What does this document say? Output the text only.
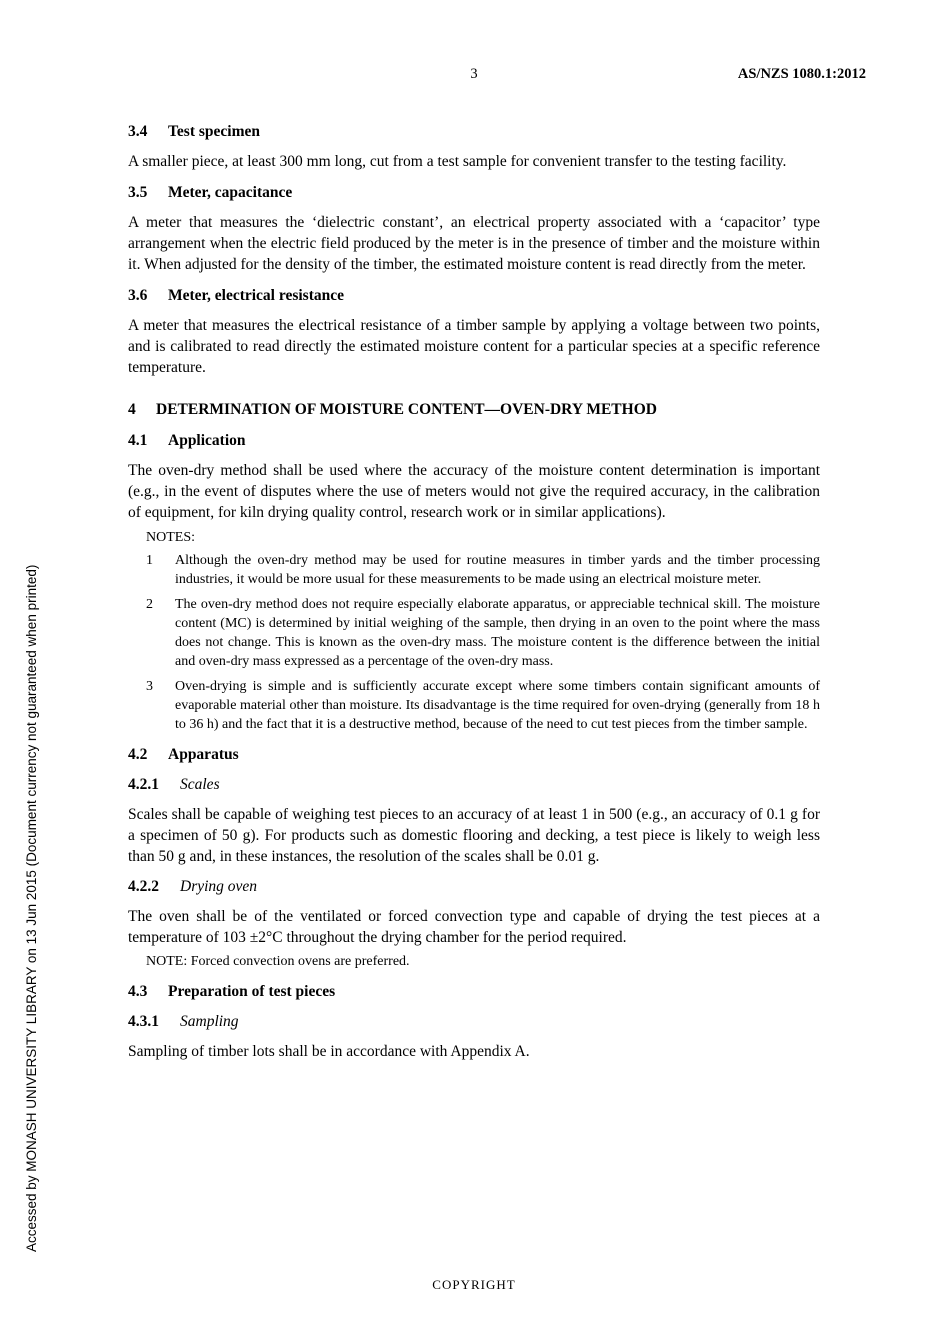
3	AS/NZS 1080.1:2012
Accessed by MONASH UNIVERSITY LIBRARY on 13 Jun 2015 (Document currency not guaranteed when printed)
3.4 Test specimen

A smaller piece, at least 300 mm long, cut from a test sample for convenient transfer to the testing facility.

3.5 Meter, capacitance

A meter that measures the ‘dielectric constant’, an electrical property associated with a ‘capacitor’ type arrangement when the electric field produced by the meter is in the presence of timber and the moisture within it. When adjusted for the density of the timber, the estimated moisture content is read directly from the meter.

3.6 Meter, electrical resistance

A meter that measures the electrical resistance of a timber sample by applying a voltage between two points, and is calibrated to read directly the estimated moisture content for a particular species at a specific reference temperature.

4 DETERMINATION OF MOISTURE CONTENT—OVEN-DRY METHOD
4.1 Application

The oven-dry method shall be used where the accuracy of the moisture content determination is important (e.g., in the event of disputes where the use of meters would not give the required accuracy, in the calibration of equipment, for kiln drying quality control, research work or in similar applications).

NOTES:
1	Although the oven-dry method may be used for routine measures in timber yards and the timber processing industries, it would be more usual for these measurements to be made using an electrical moisture meter.
2	The oven-dry method does not require especially elaborate apparatus, or appreciable technical skill. The moisture content (MC) is determined by initial weighing of the sample, then drying in an oven to the point where the mass does not change. This is known as the oven-dry mass. The moisture content is the difference between the initial and oven-dry mass expressed as a percentage of the oven-dry mass.
3	Oven-drying is simple and is sufficiently accurate except where some timbers contain significant amounts of evaporable material other than moisture. Its disadvantage is the time required for oven-drying (generally from 18 h to 36 h) and the fact that it is a destructive method, because of the need to cut test pieces from the timber sample.
4.2 Apparatus
4.2.1 Scales

Scales shall be capable of weighing test pieces to an accuracy of at least 1 in 500 (e.g., an accuracy of 0.1 g for a specimen of 50 g). For products such as domestic flooring and decking, a test piece is likely to weigh less than 50 g and, in these instances, the resolution of the scales shall be 0.01 g.

4.2.2 Drying oven

The oven shall be of the ventilated or forced convection type and capable of drying the test pieces at a temperature of 103 ±2°C throughout the drying chamber for the period required.

NOTE: Forced convection ovens are preferred.

4.3 Preparation of test pieces
4.3.1 Sampling

Sampling of timber lots shall be in accordance with Appendix A.

COPYRIGHT
